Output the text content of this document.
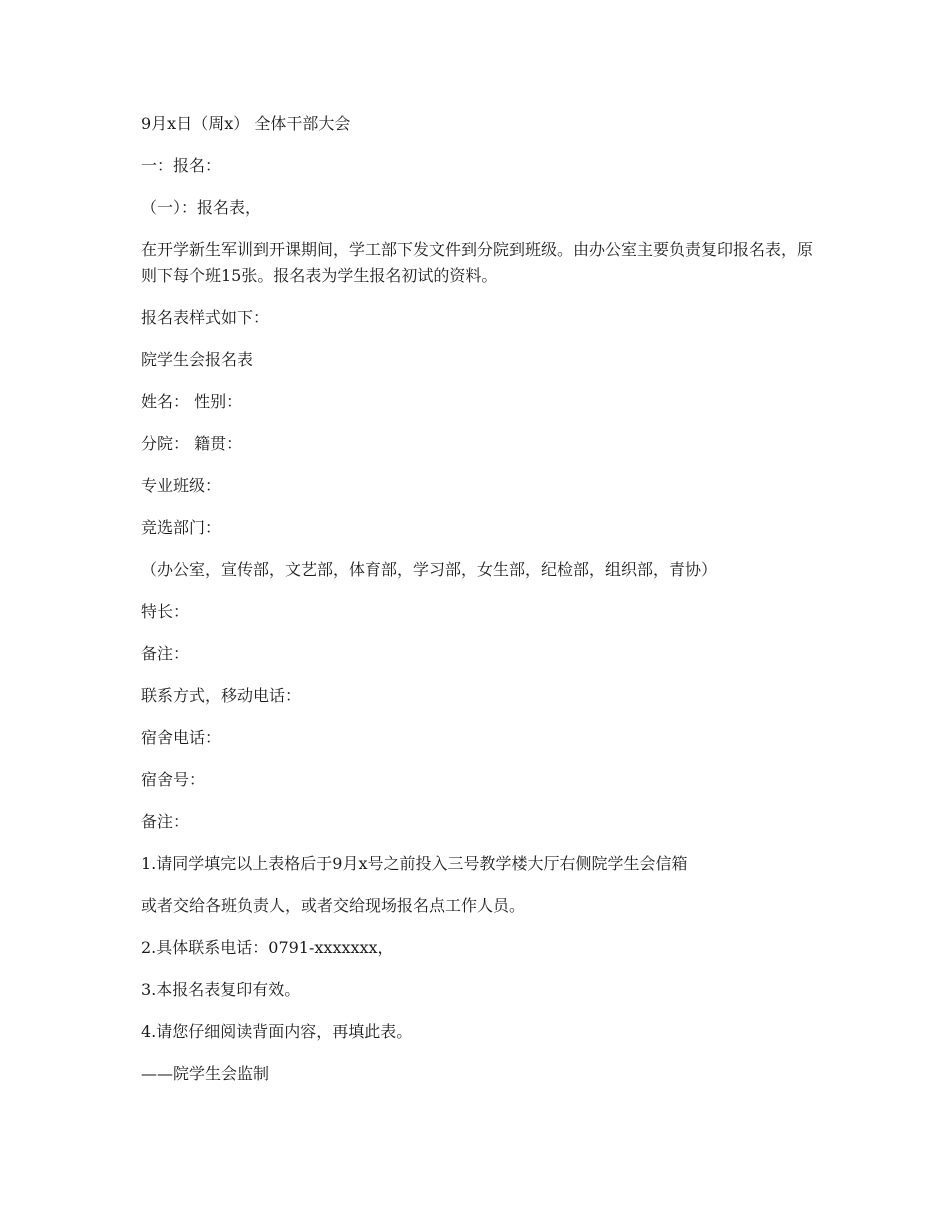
9月x日（周x） 全体干部大会

一：报名：

（一）：报名表，

在开学新生军训到开课期间，学工部下发文件到分院到班级。由办公室主要负责复印报名表，原则下每个班15张。报名表为学生报名初试的资料。

报名表样式如下：

院学生会报名表

姓名： 性别：

分院： 籍贯：

专业班级：

竞选部门：

（办公室，宣传部，文艺部，体育部，学习部，女生部，纪检部，组织部，青协）

特长：

备注：

联系方式，移动电话：

宿舍电话：

宿舍号：

备注：

1.请同学填完以上表格后于9月x号之前投入三号教学楼大厅右侧院学生会信箱

或者交给各班负责人，或者交给现场报名点工作人员。

2.具体联系电话：0791-xxxxxxx，

3.本报名表复印有效。

4.请您仔细阅读背面内容，再填此表。

——院学生会监制
